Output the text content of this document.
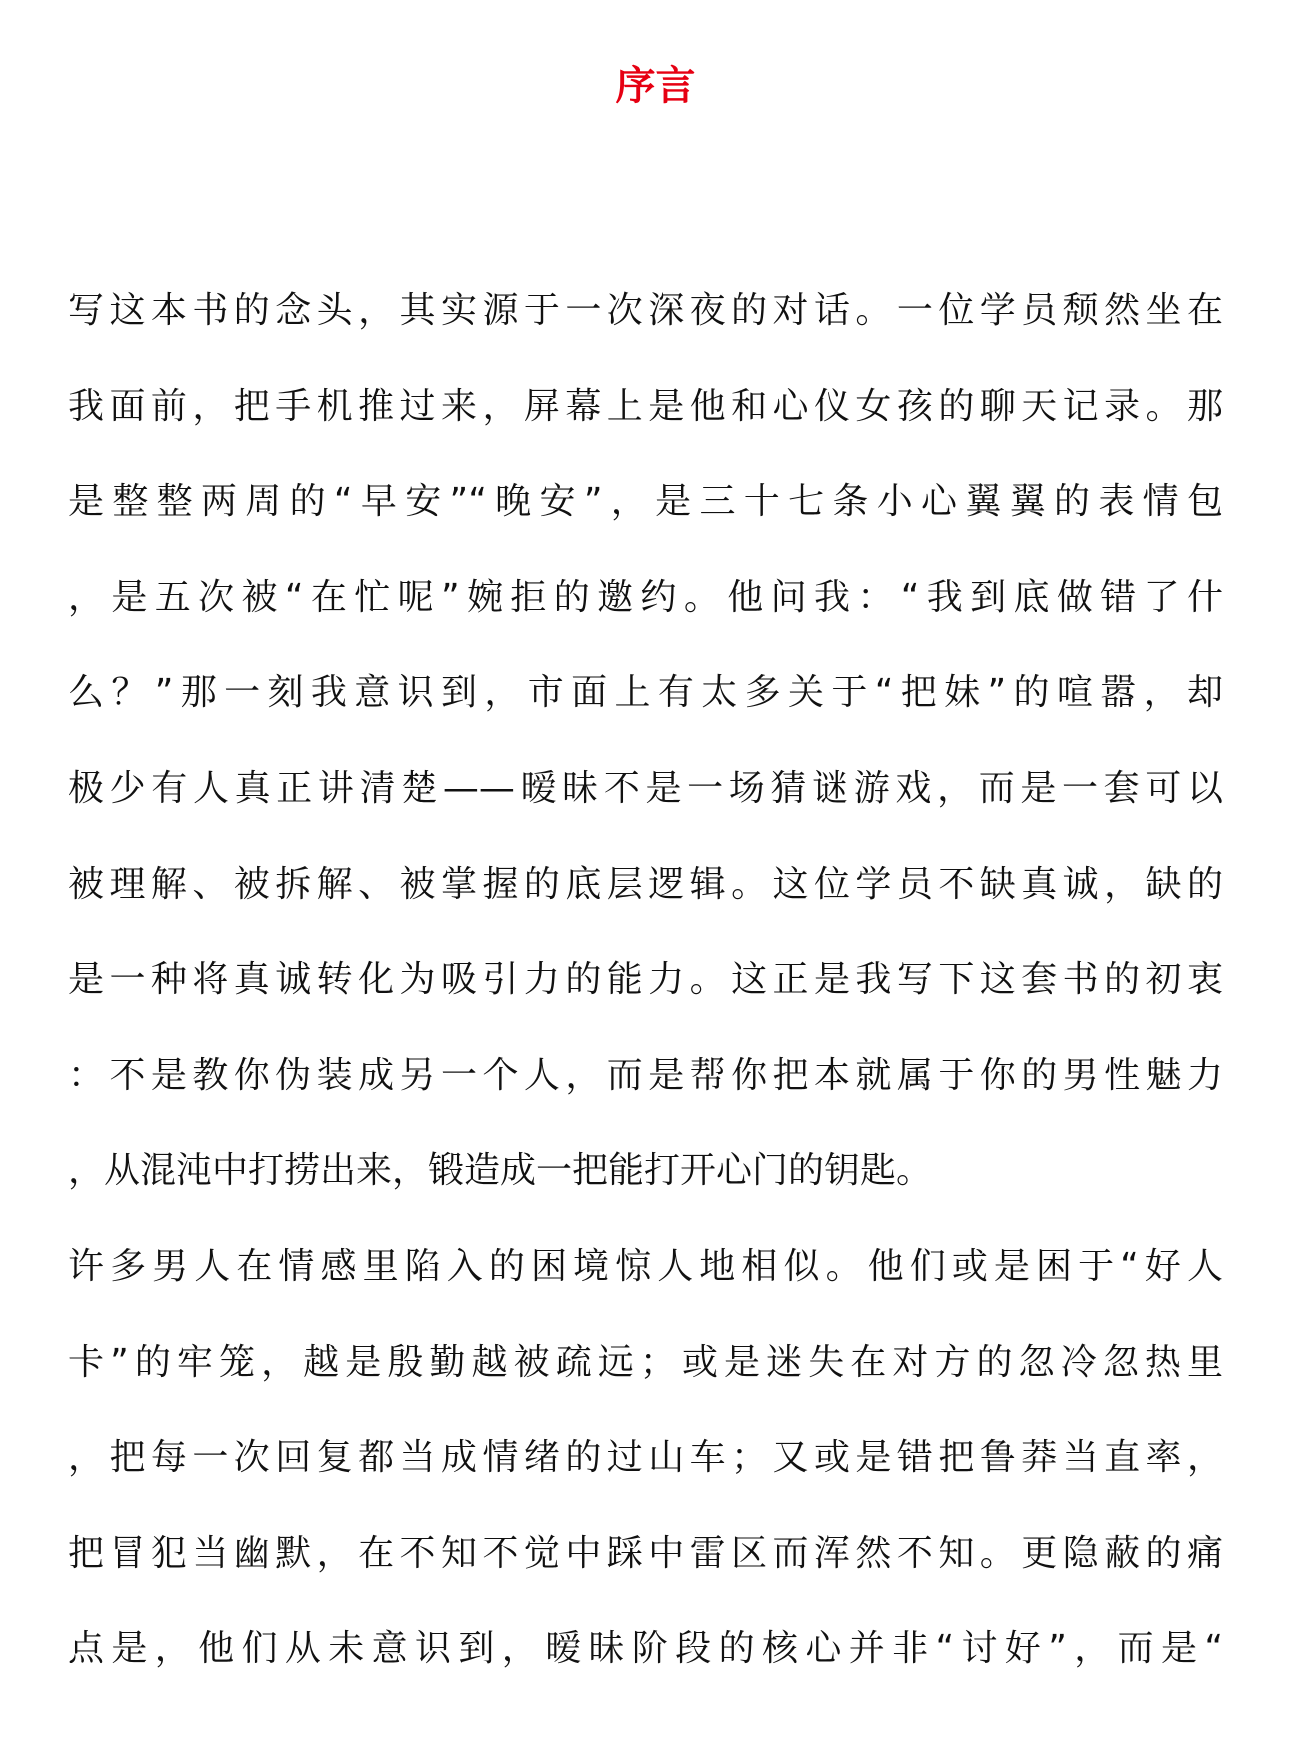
序言
写这本书的念头，其实源于一次深夜的对话。一位学员颓然坐在
我面前，把手机推过来，屏幕上是他和心仪女孩的聊天记录。那
是整整两周的“早安”“晚安”，是三十七条小心翼翼的表情包
，是五次被“在忙呢”婉拒的邀约。他问我：“我到底做错了什
么？”那一刻我意识到，市面上有太多关于“把妹”的喧嚣，却
极少有人真正讲清楚——暧昧不是一场猜谜游戏，而是一套可以
被理解、被拆解、被掌握的底层逻辑。这位学员不缺真诚，缺的
是一种将真诚转化为吸引力的能力。这正是我写下这套书的初衷
：不是教你伪装成另一个人，而是帮你把本就属于你的男性魅力
，从混沌中打捞出来，锻造成一把能打开心门的钥匙。
许多男人在情感里陷入的困境惊人地相似。他们或是困于“好人
卡”的牢笼，越是殷勤越被疏远；或是迷失在对方的忽冷忽热里
，把每一次回复都当成情绪的过山车；又或是错把鲁莽当直率，
把冒犯当幽默，在不知不觉中踩中雷区而浑然不知。更隐蔽的痛
点是，他们从未意识到，暧昧阶段的核心并非“讨好”，而是“
